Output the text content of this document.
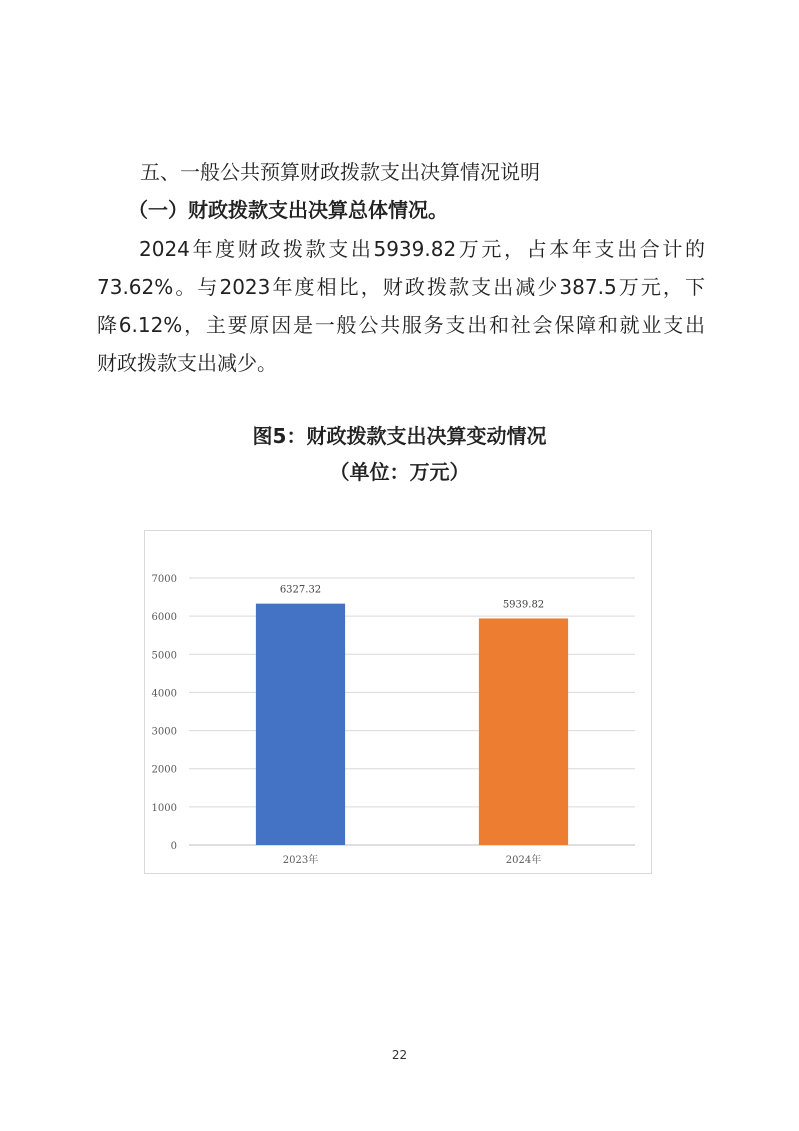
五、一般公共预算财政拨款支出决算情况说明
（一）财政拨款支出决算总体情况。
2024年度财政拨款支出5939.82万元，占本年支出合计的
73.62%。与2023年度相比，财政拨款支出减少387.5万元，下
降6.12%，主要原因是一般公共服务支出和社会保障和就业支出
财政拨款支出减少。
图5：财政拨款支出决算变动情况
（单位：万元）
0
1000
2000
3000
4000
5000
6000
7000
6327.32
2023年
5939.82
2024年
22
